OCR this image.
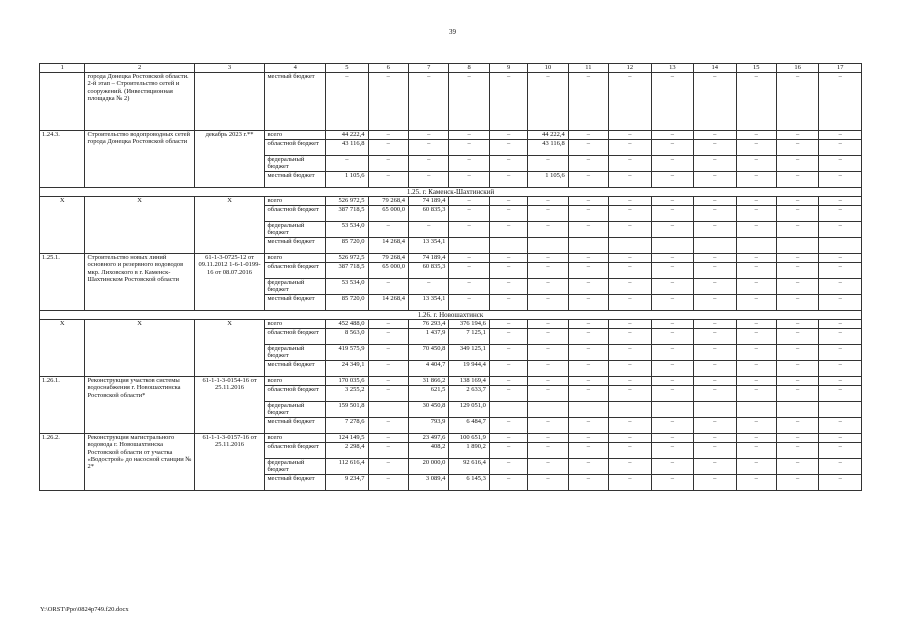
39
1	2	3	4	5	6	7	8	9	10	11	12	13	14	15	16	17
	города Донецка Ростовской области. 2-й этап – Строительство сетей и сооружений. (Инвестиционная площадка № 2)		местный бюджет	–	–	–	–	–	–	–	–	–	–	–	–	–
1.24.3.	Строительство водопроводных сетей города Донецка Ростовской области	декабрь 2023 г.**	всего	44 222,4	–	–	–	–	44 222,4	–	–	–	–	–	–	–
			областной бюджет	43 116,8	–	–	–	–	43 116,8	–	–	–	–	–	–	–
			федеральный бюджет	–	–	–	–	–	–	–	–	–	–	–	–	–
			местный бюджет	1 105,6	–	–	–	–	1 105,6	–	–	–	–	–	–	–
1.25. г. Каменск-Шахтинский																
Х	Х	Х	всего	526 972,5	79 268,4	74 189,4	–	–	–	–	–	–	–	–	–	–
			областной бюджет	387 718,5	65 000,0	60 835,3	–	–	–	–	–	–	–	–	–	–
			федеральный бюджет	53 534,0	–	–	–	–	–	–	–	–	–	–	–	–
			местный бюджет	85 720,0	14 268,4	13 354,1										
1.25.1.	Строительство новых линий основного и резервного водоводов мкр. Лиховского в г. Каменск-Шахтинском Ростовской области	61-1-3-0725-12 от 09.11.2012 1-6-1-0199-16 от 08.07.2016	всего	526 972,5	79 268,4	74 189,4	–	–	–	–	–	–	–	–	–	–
			областной бюджет	387 718,5	65 000,0	60 835,3	–	–	–	–	–	–	–	–	–	–
			федеральный бюджет	53 534,0	–	–	–	–	–	–	–	–	–	–	–	–
			местный бюджет	85 720,0	14 268,4	13 354,1	–	–	–	–	–	–	–	–	–	–
1.26. г. Новошахтинск																
Х	Х	Х	всего	452 488,0	–	76 293,4	376 194,6	–	–	–	–	–	–	–	–	–
			областной бюджет	8 563,0	–	1 437,9	7 125,1	–	–	–	–	–	–	–	–	–
			федеральный бюджет	419 575,9	–	70 450,8	349 125,1	–	–	–	–	–	–	–	–	–
			местный бюджет	24 349,1	–	4 404,7	19 944,4	–	–	–	–	–	–	–	–	–
1.26.1.	Реконструкция участков системы водоснабжения г. Новошахтинска Ростовской области*	61-1-1-3-0154-16 от 25.11.2016	всего	170 035,6	–	31 866,2	138 169,4	–	–	–	–	–	–	–	–	–
			областной бюджет	3 255,2	–	621,5	2 633,7	–	–	–	–	–	–	–	–	–
			федеральный бюджет	159 501,8		30 450,8	129 051,0									
			местный бюджет	7 278,6	–	793,9	6 484,7	–	–	–	–	–	–	–	–	–
1.26.2.	Реконструкция магистрального водовода г. Новошахтинска Ростовской области от участка «Водострой» до насосной станции № 2*	61-1-1-3-0157-16 от 25.11.2016	всего	124 149,5	–	23 497,6	100 651,9	–	–	–	–	–	–	–	–	–
			областной бюджет	2 298,4	–	408,2	1 890,2	–	–	–	–	–	–	–	–	–
			федеральный бюджет	112 616,4	–	20 000,0	92 616,4	–	–	–	–	–	–	–	–	–
			местный бюджет	9 234,7	–	3 089,4	6 145,3	–	–	–	–	–	–	–	–	–
Y:\ORST\Ppo\0824p749.f20.docx
